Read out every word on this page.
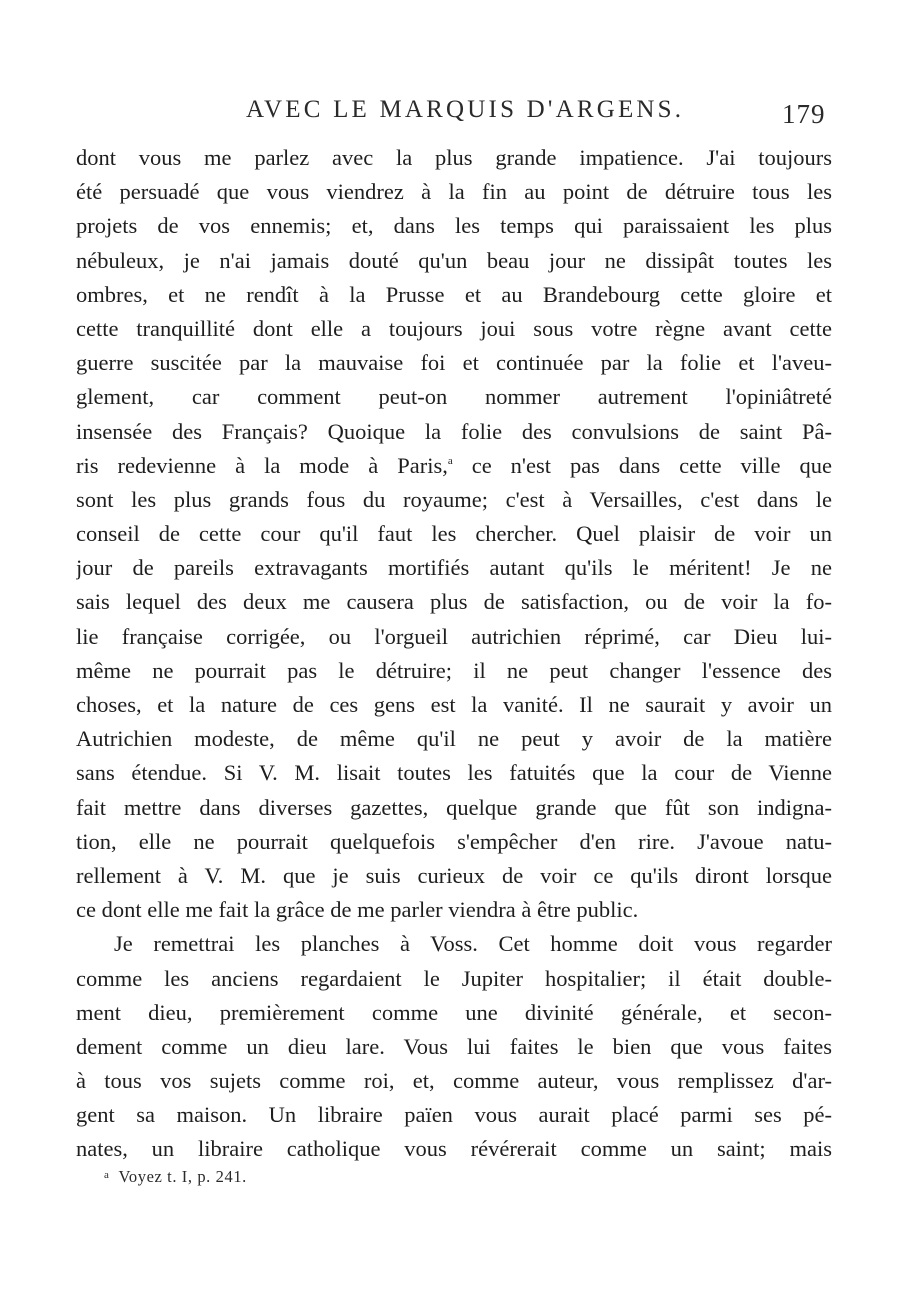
AVEC LE MARQUIS D'ARGENS.	179
dont vous me parlez avec la plus grande impatience. J'ai toujours
été persuadé que vous viendrez à la fin au point de détruire tous les
projets de vos ennemis; et, dans les temps qui paraissaient les plus
nébuleux, je n'ai jamais douté qu'un beau jour ne dissipât toutes les
ombres, et ne rendît à la Prusse et au Brandebourg cette gloire et
cette tranquillité dont elle a toujours joui sous votre règne avant cette
guerre suscitée par la mauvaise foi et continuée par la folie et l'aveu-
glement, car comment peut-on nommer autrement l'opiniâtreté
insensée des Français? Quoique la folie des convulsions de saint Pâ-
ris redevienne à la mode à Paris,$^a$ ce n'est pas dans cette ville que
sont les plus grands fous du royaume; c'est à Versailles, c'est dans le
conseil de cette cour qu'il faut les chercher. Quel plaisir de voir un
jour de pareils extravagants mortifiés autant qu'ils le méritent! Je ne
sais lequel des deux me causera plus de satisfaction, ou de voir la fo-
lie française corrigée, ou l'orgueil autrichien réprimé, car Dieu lui-
même ne pourrait pas le détruire; il ne peut changer l'essence des
choses, et la nature de ces gens est la vanité. Il ne saurait y avoir un
Autrichien modeste, de même qu'il ne peut y avoir de la matière
sans étendue. Si V. M. lisait toutes les fatuités que la cour de Vienne
fait mettre dans diverses gazettes, quelque grande que fût son indigna-
tion, elle ne pourrait quelquefois s'empêcher d'en rire. J'avoue natu-
rellement à V. M. que je suis curieux de voir ce qu'ils diront lorsque
ce dont elle me fait la grâce de me parler viendra à être public.
Je remettrai les planches à Voss. Cet homme doit vous regarder
comme les anciens regardaient le Jupiter hospitalier; il était double-
ment dieu, premièrement comme une divinité générale, et secon-
dement comme un dieu lare. Vous lui faites le bien que vous faites
à tous vos sujets comme roi, et, comme auteur, vous remplissez d'ar-
gent sa maison. Un libraire païen vous aurait placé parmi ses pé-
nates, un libraire catholique vous révérerait comme un saint; mais
$^a$ Voyez t. I, p. 241.
